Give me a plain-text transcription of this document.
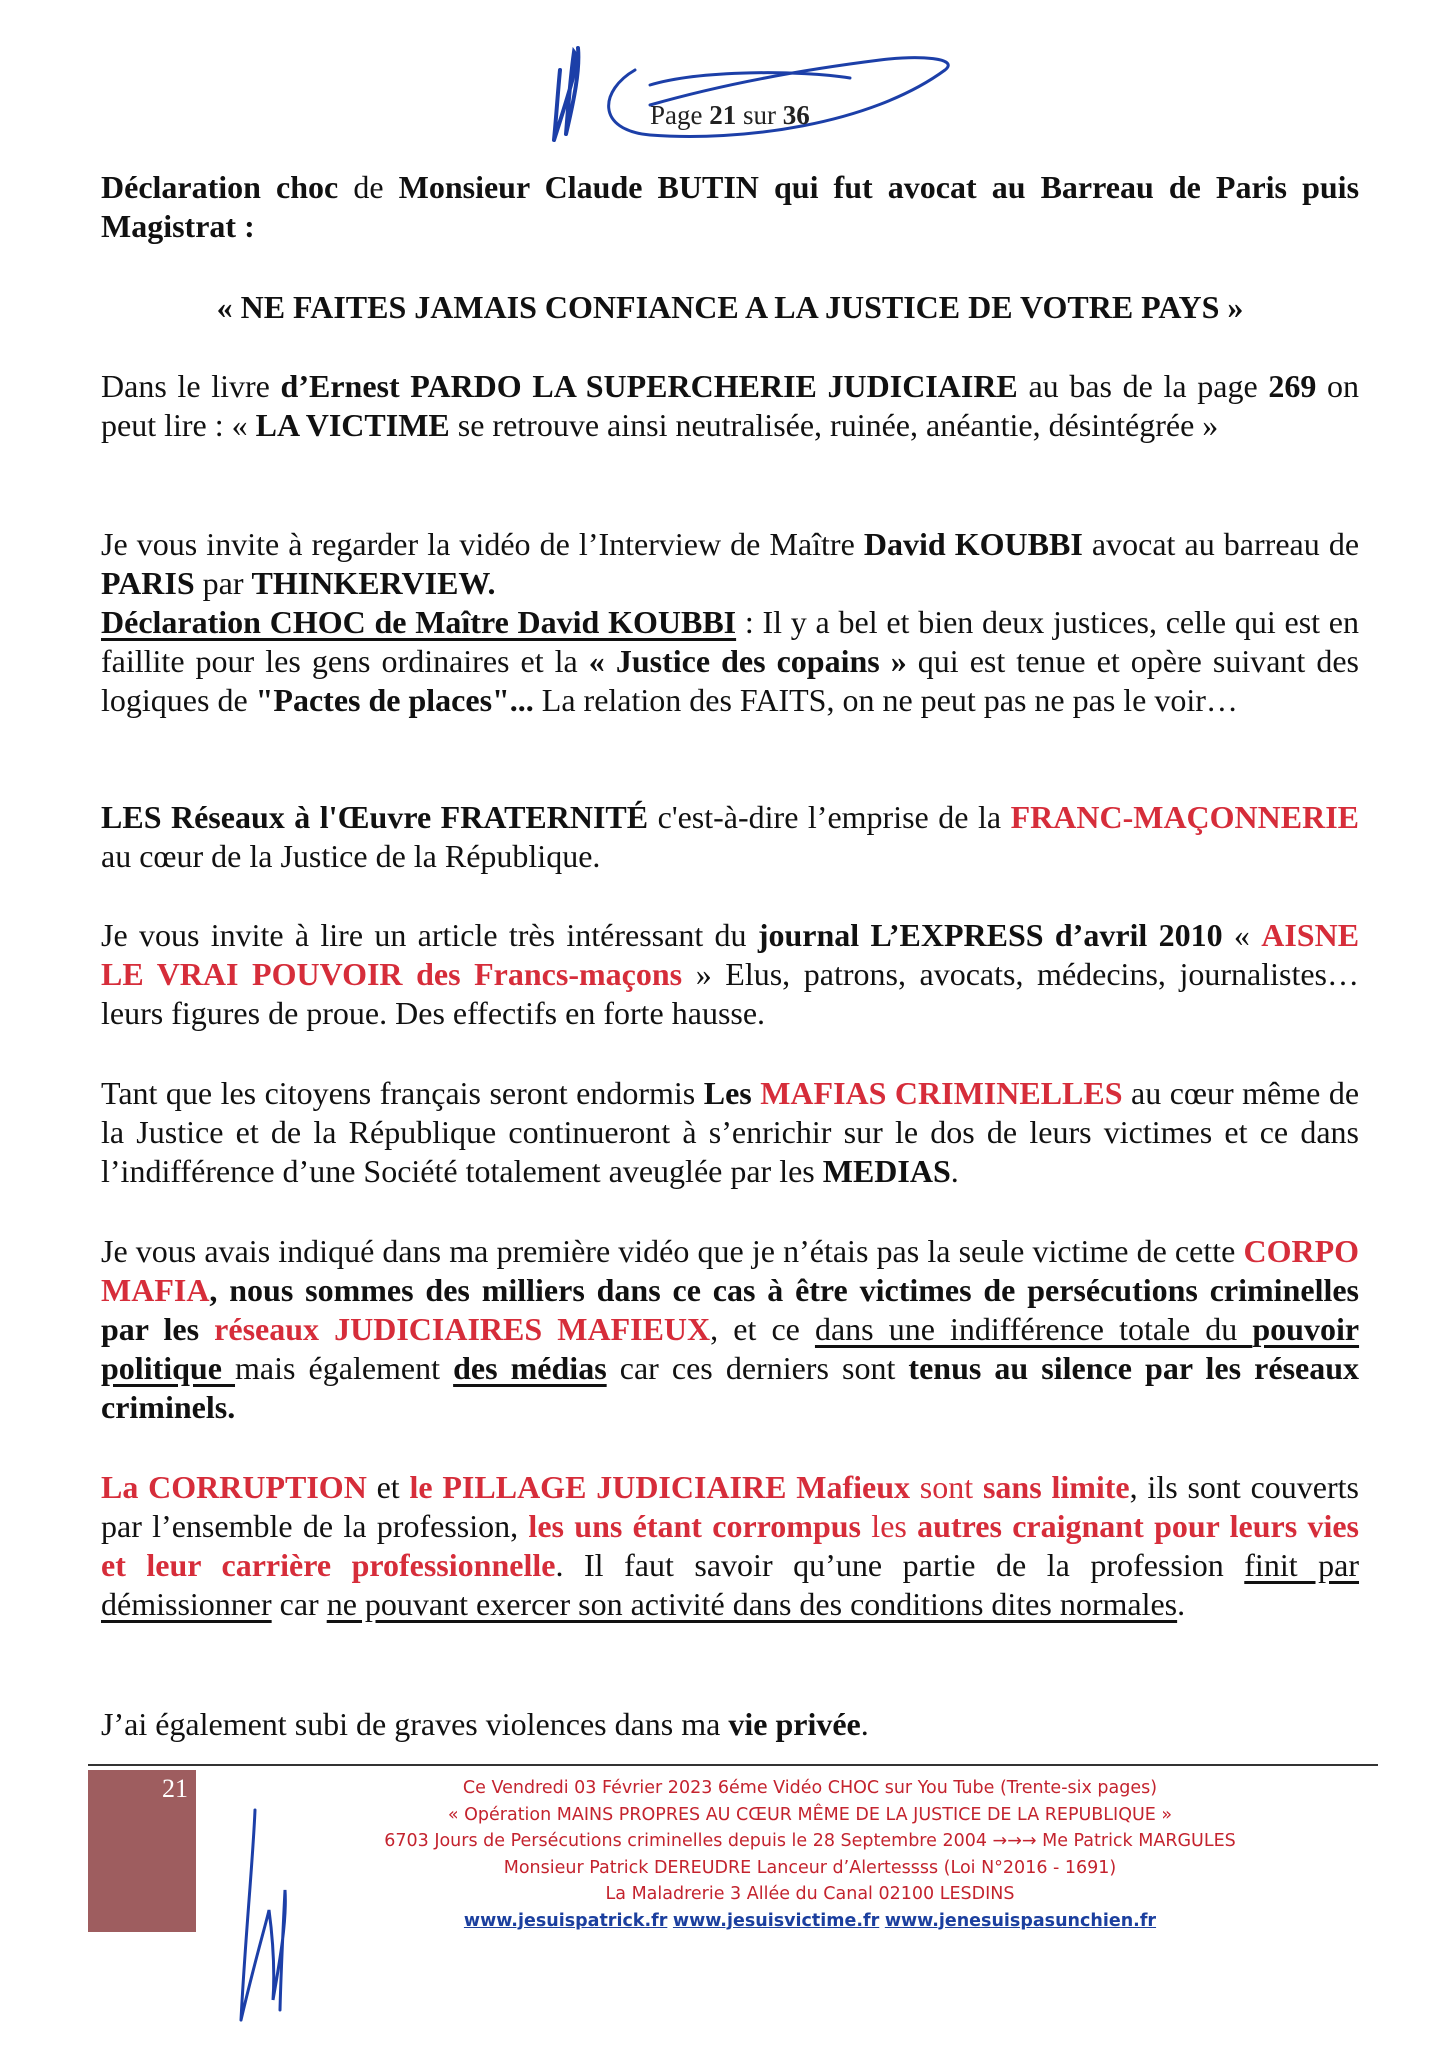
Page 21 sur 36

Déclaration choc de Monsieur Claude BUTIN qui fut avocat au Barreau de Paris puis Magistrat :

« NE FAITES JAMAIS CONFIANCE A LA JUSTICE DE VOTRE PAYS »

Dans le livre d’Ernest PARDO LA SUPERCHERIE JUDICIAIRE au bas de la page 269 on peut lire : « LA VICTIME se retrouve ainsi neutralisée, ruinée, anéantie, désintégrée »

Je vous invite à regarder la vidéo de l’Interview de Maître David KOUBBI avocat au barreau de PARIS par THINKERVIEW.
Déclaration CHOC de Maître David KOUBBI : Il y a bel et bien deux justices, celle qui est en faillite pour les gens ordinaires et la « Justice des copains » qui est tenue et opère suivant des logiques de "Pactes de places"... La relation des FAITS, on ne peut pas ne pas le voir…

LES Réseaux à l'Œuvre FRATERNITÉ c'est-à-dire l’emprise de la FRANC-MAÇONNERIE au cœur de la Justice de la République.

Je vous invite à lire un article très intéressant du journal L’EXPRESS d’avril 2010 « AISNE LE VRAI POUVOIR des Francs-maçons » Elus, patrons, avocats, médecins, journalistes… leurs figures de proue. Des effectifs en forte hausse.

Tant que les citoyens français seront endormis Les MAFIAS CRIMINELLES au cœur même de la Justice et de la République continueront à s’enrichir sur le dos de leurs victimes et ce dans l’indifférence d’une Société totalement aveuglée par les MEDIAS.

Je vous avais indiqué dans ma première vidéo que je n’étais pas la seule victime de cette CORPO MAFIA, nous sommes des milliers dans ce cas à être victimes de persécutions criminelles par les réseaux JUDICIAIRES MAFIEUX, et ce dans une indifférence totale du pouvoir politique mais également des médias car ces derniers sont tenus au silence par les réseaux criminels.

La CORRUPTION et le PILLAGE JUDICIAIRE Mafieux sont sans limite, ils sont couverts par l’ensemble de la profession, les uns étant corrompus les autres craignant pour leurs vies et leur carrière professionnelle. Il faut savoir qu’une partie de la profession finit par démissionner car ne pouvant exercer son activité dans des conditions dites normales.

J’ai également subi de graves violences dans ma vie privée.

21	Ce Vendredi 03 Février 2023 6éme Vidéo CHOC sur You Tube (Trente-six pages)
« Opération MAINS PROPRES AU CŒUR MÊME DE LA JUSTICE DE LA REPUBLIQUE »
6703 Jours de Persécutions criminelles depuis le 28 Septembre 2004 →→→ Me Patrick MARGULES
Monsieur Patrick DEREUDRE Lanceur d’Alertessss (Loi N°2016 - 1691)
La Maladrerie 3 Allée du Canal 02100 LESDINS
www.jesuispatrick.fr www.jesuisvictime.fr www.jenesuispasunchien.fr
